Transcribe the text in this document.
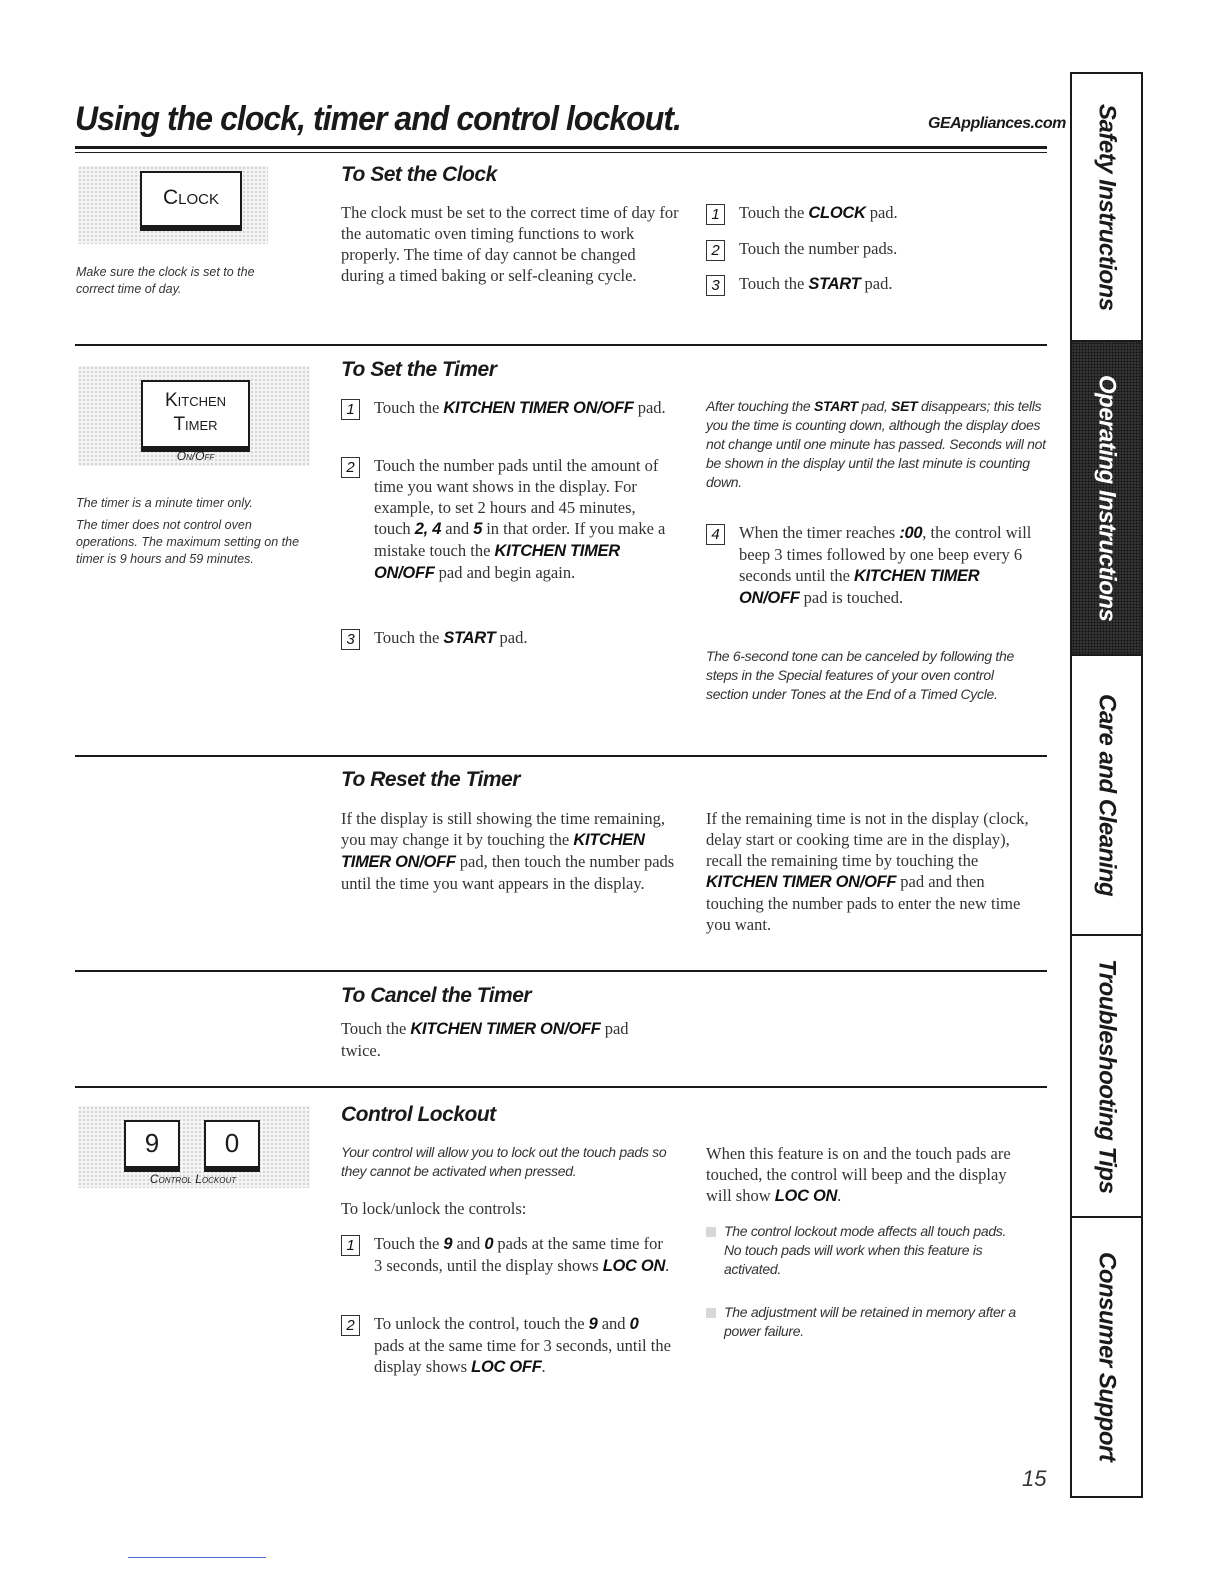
Using the clock, timer and control lockout.	GEAppliances.com
Clock
Make sure the clock is set to the correct time of day.
To Set the Clock
The clock must be set to the correct time of day for the automatic oven timing functions to work properly. The time of day cannot be changed during a timed baking or self-cleaning cycle.
1	Touch the CLOCK pad.
2	Touch the number pads.
3	Touch the START pad.
Kitchen
Timer
On/Off
The timer is a minute timer only.
The timer does not control oven operations. The maximum setting on the timer is 9 hours and 59 minutes.
To Set the Timer
1	Touch the KITCHEN TIMER ON/OFF pad.
2	Touch the number pads until the amount of time you want shows in the display. For example, to set 2 hours and 45 minutes, touch 2, 4 and 5 in that order. If you make a mistake touch the KITCHEN TIMER ON/OFF pad and begin again.
3	Touch the START pad.
After touching the START pad, SET disappears; this tells you the time is counting down, although the display does not change until one minute has passed. Seconds will not be shown in the display until the last minute is counting down.
4	When the timer reaches :00, the control will beep 3 times followed by one beep every 6 seconds until the KITCHEN TIMER ON/OFF pad is touched.
The 6-second tone can be canceled by following the steps in the Special features of your oven control section under Tones at the End of a Timed Cycle.
To Reset the Timer
If the display is still showing the time remaining, you may change it by touching the KITCHEN TIMER ON/OFF pad, then touch the number pads until the time you want appears in the display.
If the remaining time is not in the display (clock, delay start or cooking time are in the display), recall the remaining time by touching the KITCHEN TIMER ON/OFF pad and then touching the number pads to enter the new time you want.
To Cancel the Timer
Touch the KITCHEN TIMER ON/OFF pad twice.
9	0
Control Lockout
Control Lockout
Your control will allow you to lock out the touch pads so they cannot be activated when pressed.
To lock/unlock the controls:
1	Touch the 9 and 0 pads at the same time for 3 seconds, until the display shows LOC ON.
2	To unlock the control, touch the 9 and 0 pads at the same time for 3 seconds, until the display shows LOC OFF.
When this feature is on and the touch pads are touched, the control will beep and the display will show LOC ON.
The control lockout mode affects all touch pads. No touch pads will work when this feature is activated.
The adjustment will be retained in memory after a power failure.
Safety Instructions
Operating Instructions
Care and Cleaning
Troubleshooting Tips
Consumer Support
15
